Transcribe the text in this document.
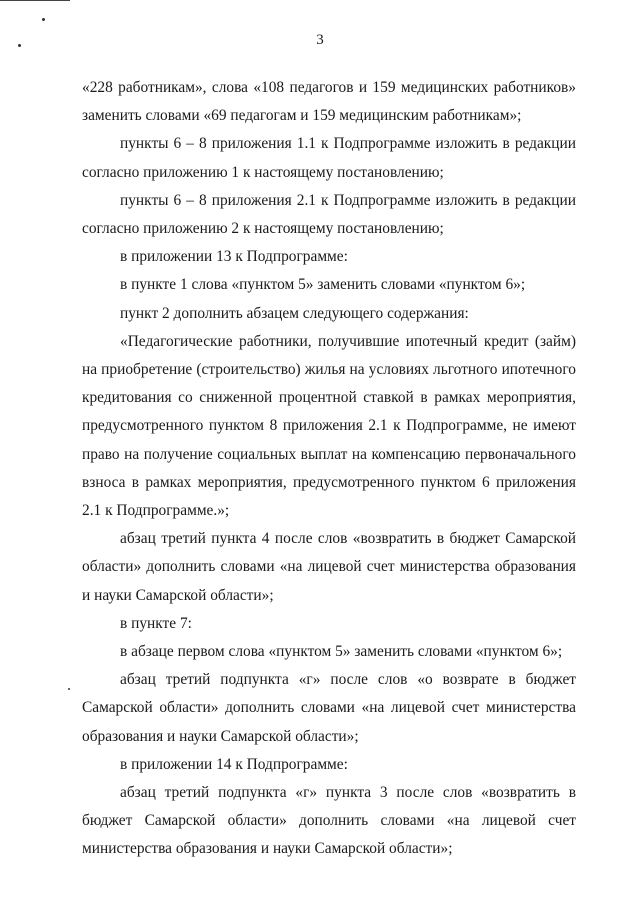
3

«228 работникам», слова «108 педагогов и 159 медицинских работников» заменить словами «69 педагогам и 159 медицинским работникам»;

пункты 6 – 8 приложения 1.1 к Подпрограмме изложить в редакции согласно приложению 1 к настоящему постановлению;

пункты 6 – 8 приложения 2.1 к Подпрограмме изложить в редакции согласно приложению 2 к настоящему постановлению;

в приложении 13 к Подпрограмме:

в пункте 1 слова «пунктом 5» заменить словами «пунктом 6»;

пункт 2 дополнить абзацем следующего содержания:

«Педагогические работники, получившие ипотечный кредит (займ) на приобретение (строительство) жилья на условиях льготного ипотечного кредитования со сниженной процентной ставкой в рамках мероприятия, предусмотренного пунктом 8 приложения 2.1 к Подпрограмме, не имеют право на получение социальных выплат на компенсацию первоначального взноса в рамках мероприятия, предусмотренного пунктом 6 приложения 2.1 к Подпрограмме.»;

абзац третий пункта 4 после слов «возвратить в бюджет Самарской области» дополнить словами «на лицевой счет министерства образования и науки Самарской области»;

в пункте 7:

в абзаце первом слова «пунктом 5» заменить словами «пунктом 6»;

абзац третий подпункта «г» после слов «о возврате в бюджет Самарской области» дополнить словами «на лицевой счет министерства образования и науки Самарской области»;

в приложении 14 к Подпрограмме:

абзац третий подпункта «г» пункта 3 после слов «возвратить в бюджет Самарской области» дополнить словами «на лицевой счет министерства образования и науки Самарской области»;
